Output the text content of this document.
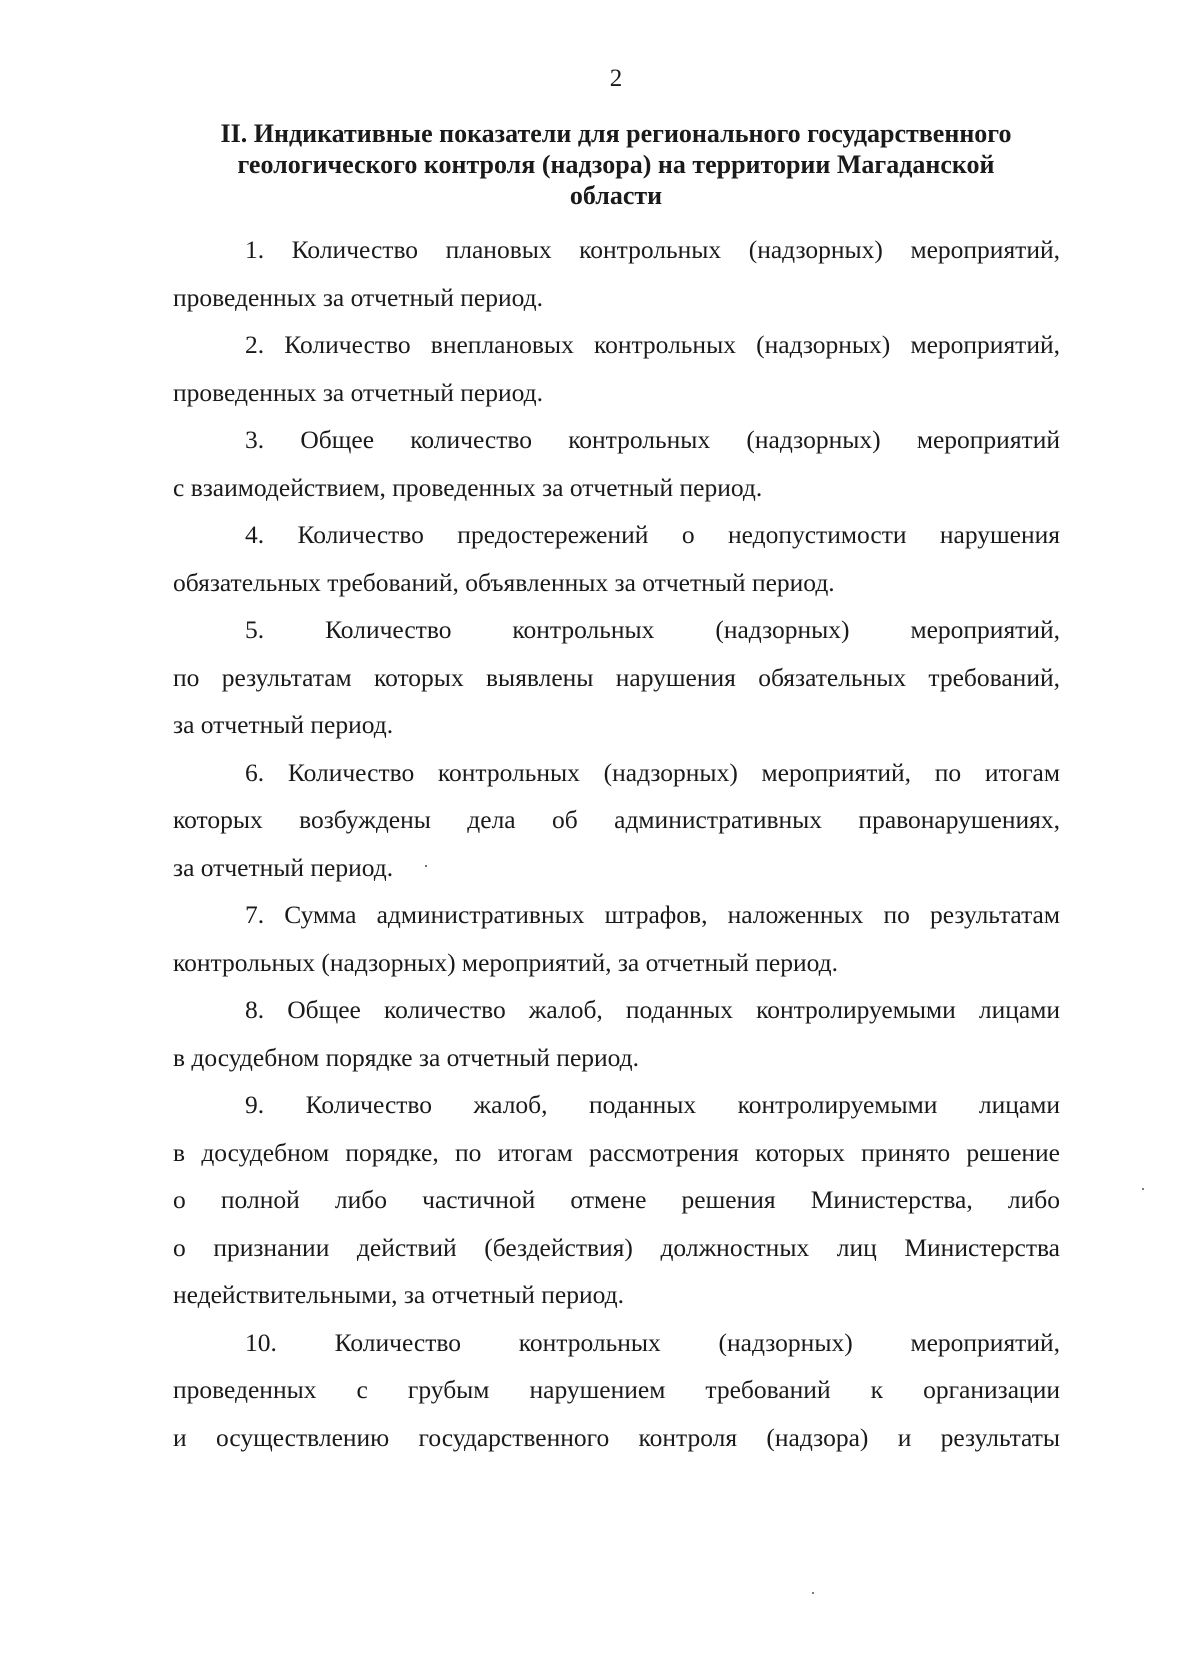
2
II. Индикативные показатели для регионального государственного
геологического контроля (надзора) на территории Магаданской
области
1. Количество плановых контрольных (надзорных) мероприятий,
проведенных за отчетный период.
2. Количество внеплановых контрольных (надзорных) мероприятий,
проведенных за отчетный период.
3. Общее количество контрольных (надзорных) мероприятий
с взаимодействием, проведенных за отчетный период.
4. Количество предостережений о недопустимости нарушения
обязательных требований, объявленных за отчетный период.
5. Количество контрольных (надзорных) мероприятий,
по результатам которых выявлены нарушения обязательных требований,
за отчетный период.
6. Количество контрольных (надзорных) мероприятий, по итогам
которых возбуждены дела об административных правонарушениях,
за отчетный период.
7. Сумма административных штрафов, наложенных по результатам
контрольных (надзорных) мероприятий, за отчетный период.
8. Общее количество жалоб, поданных контролируемыми лицами
в досудебном порядке за отчетный период.
9. Количество жалоб, поданных контролируемыми лицами
в досудебном порядке, по итогам рассмотрения которых принято решение
о полной либо частичной отмене решения Министерства, либо
о признании действий (бездействия) должностных лиц Министерства
недействительными, за отчетный период.
10. Количество контрольных (надзорных) мероприятий,
проведенных с грубым нарушением требований к организации
и осуществлению государственного контроля (надзора) и результаты
